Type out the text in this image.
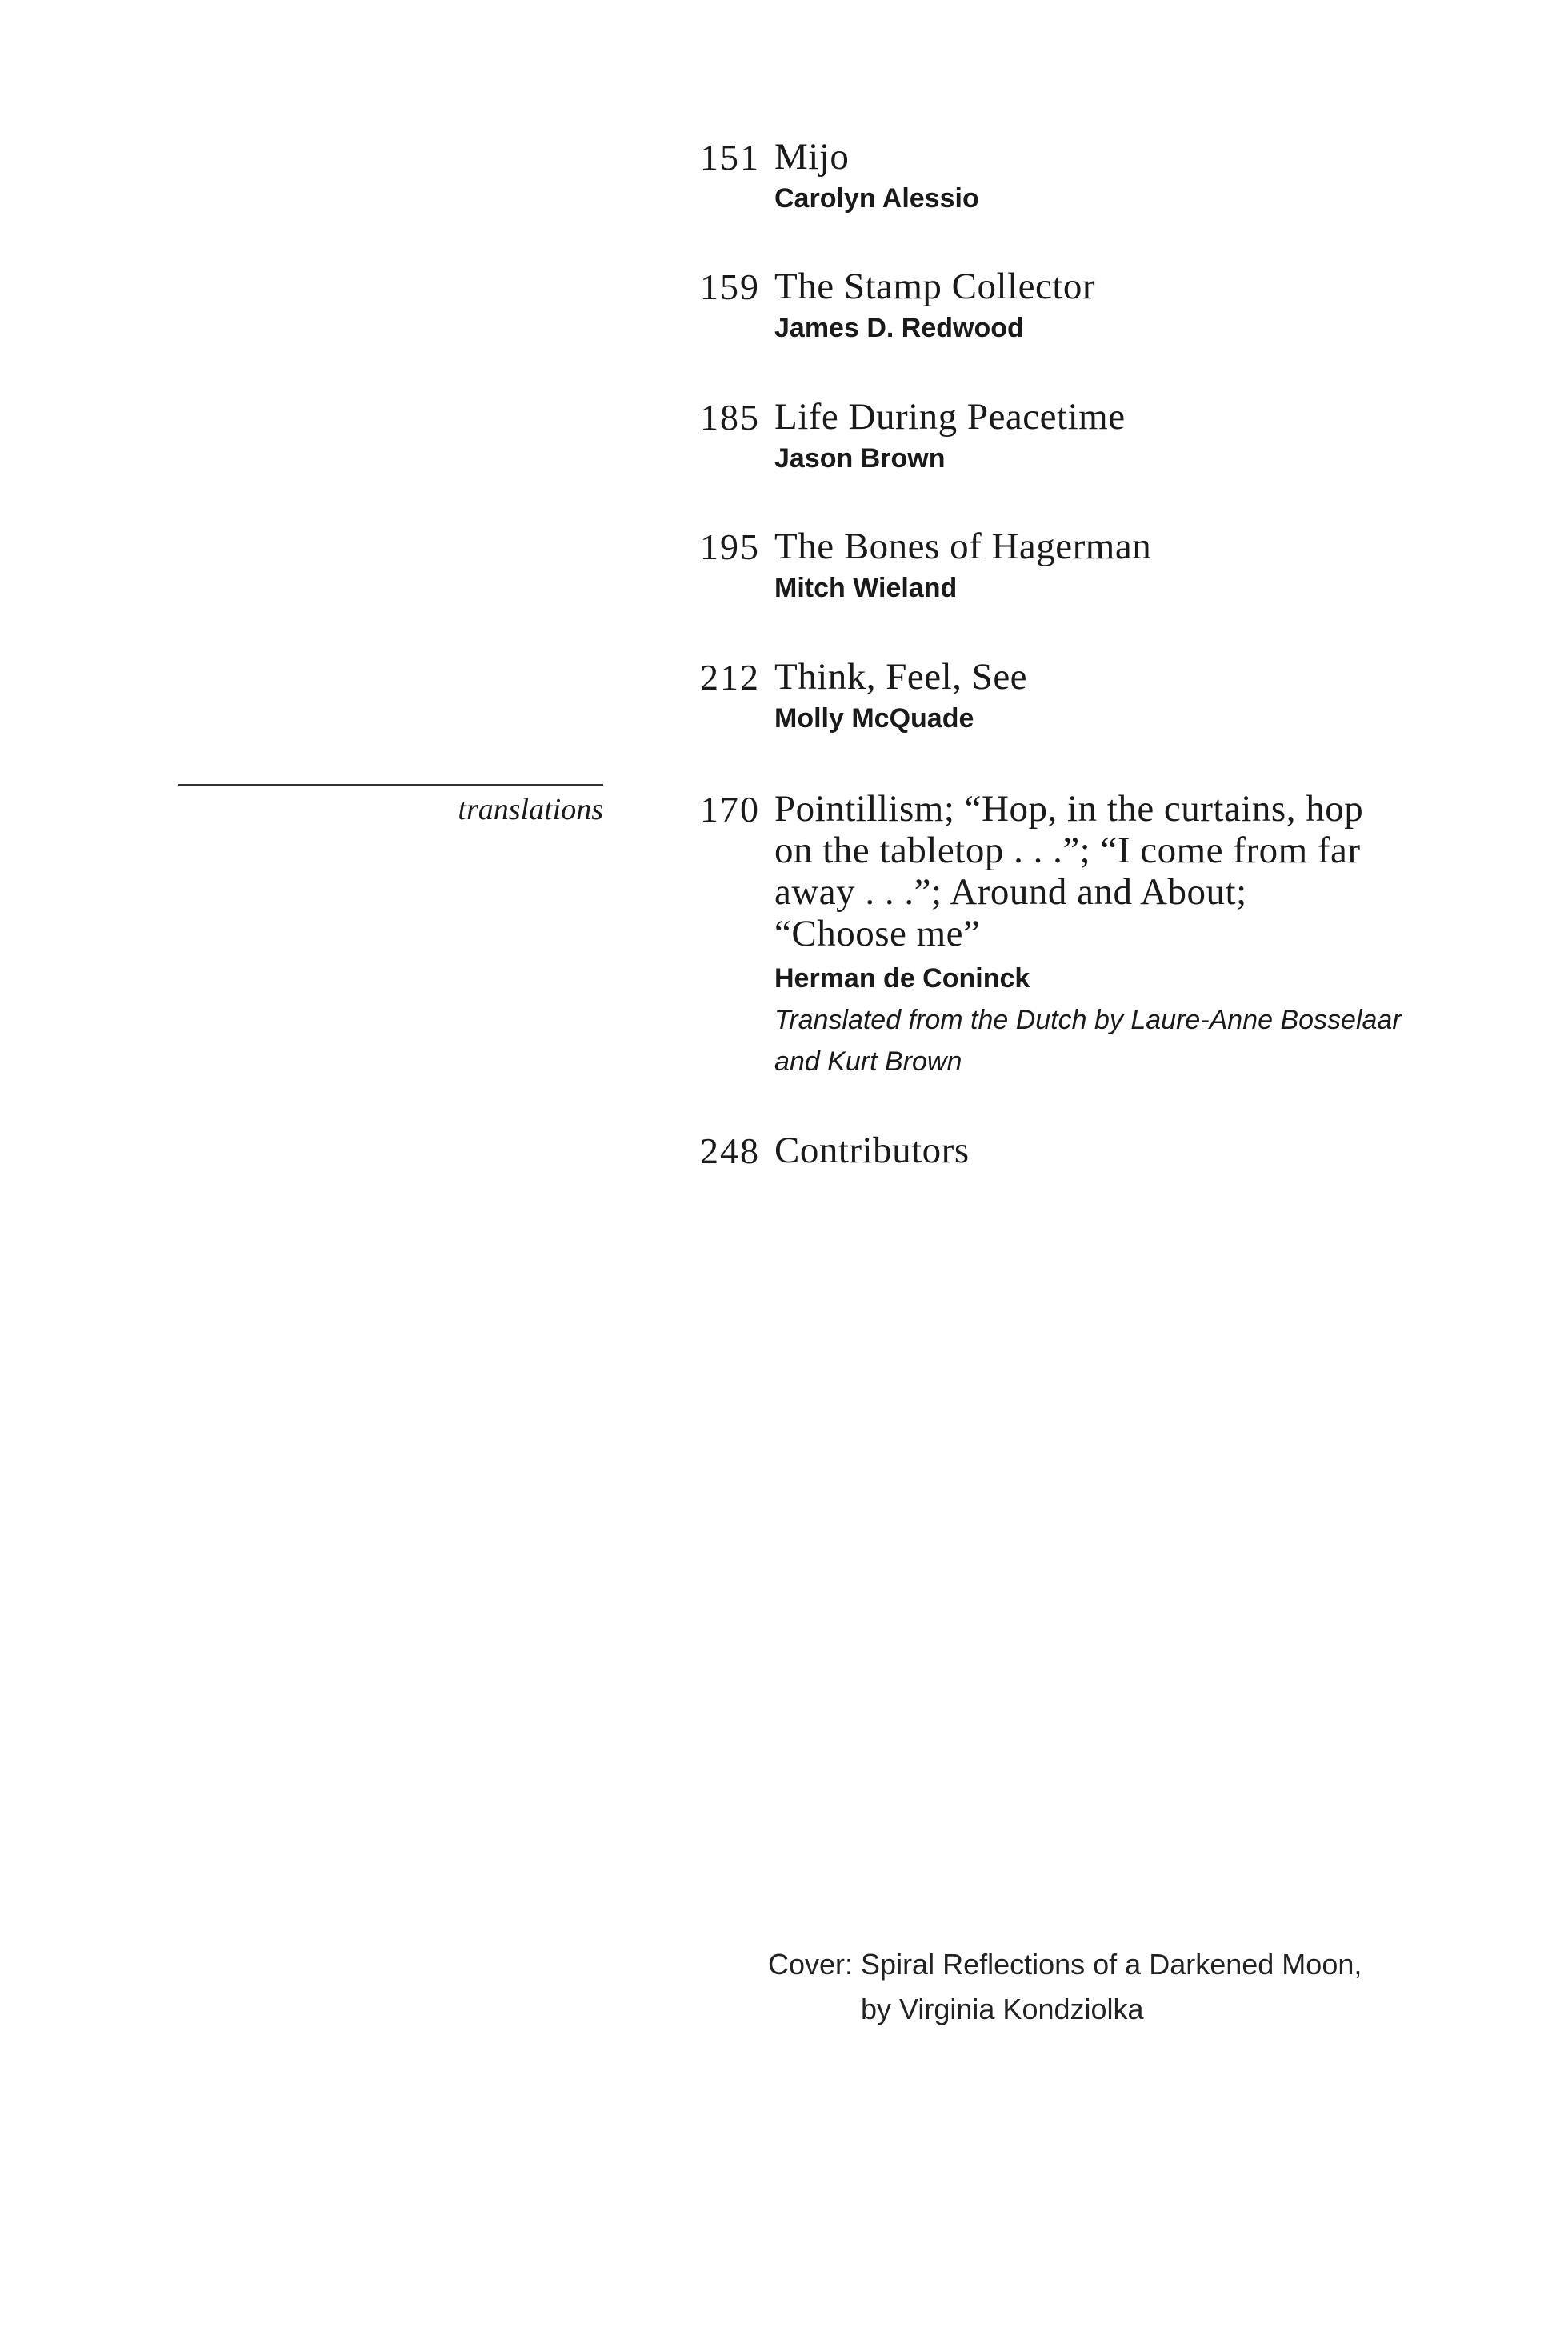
151 Mijo
Carolyn Alessio
159 The Stamp Collector
James D. Redwood
185 Life During Peacetime
Jason Brown
195 The Bones of Hagerman
Mitch Wieland
212 Think, Feel, See
Molly McQuade
translations	170 Pointillism; “Hop, in the curtains, hop
on the tabletop . . .”; “I come from far
away . . .”; Around and About;
“Choose me”
Herman de Coninck
Translated from the Dutch by Laure-Anne Bosselaar
and Kurt Brown
248 Contributors
Cover: Spiral Reflections of a Darkened Moon,
by Virginia Kondziolka
